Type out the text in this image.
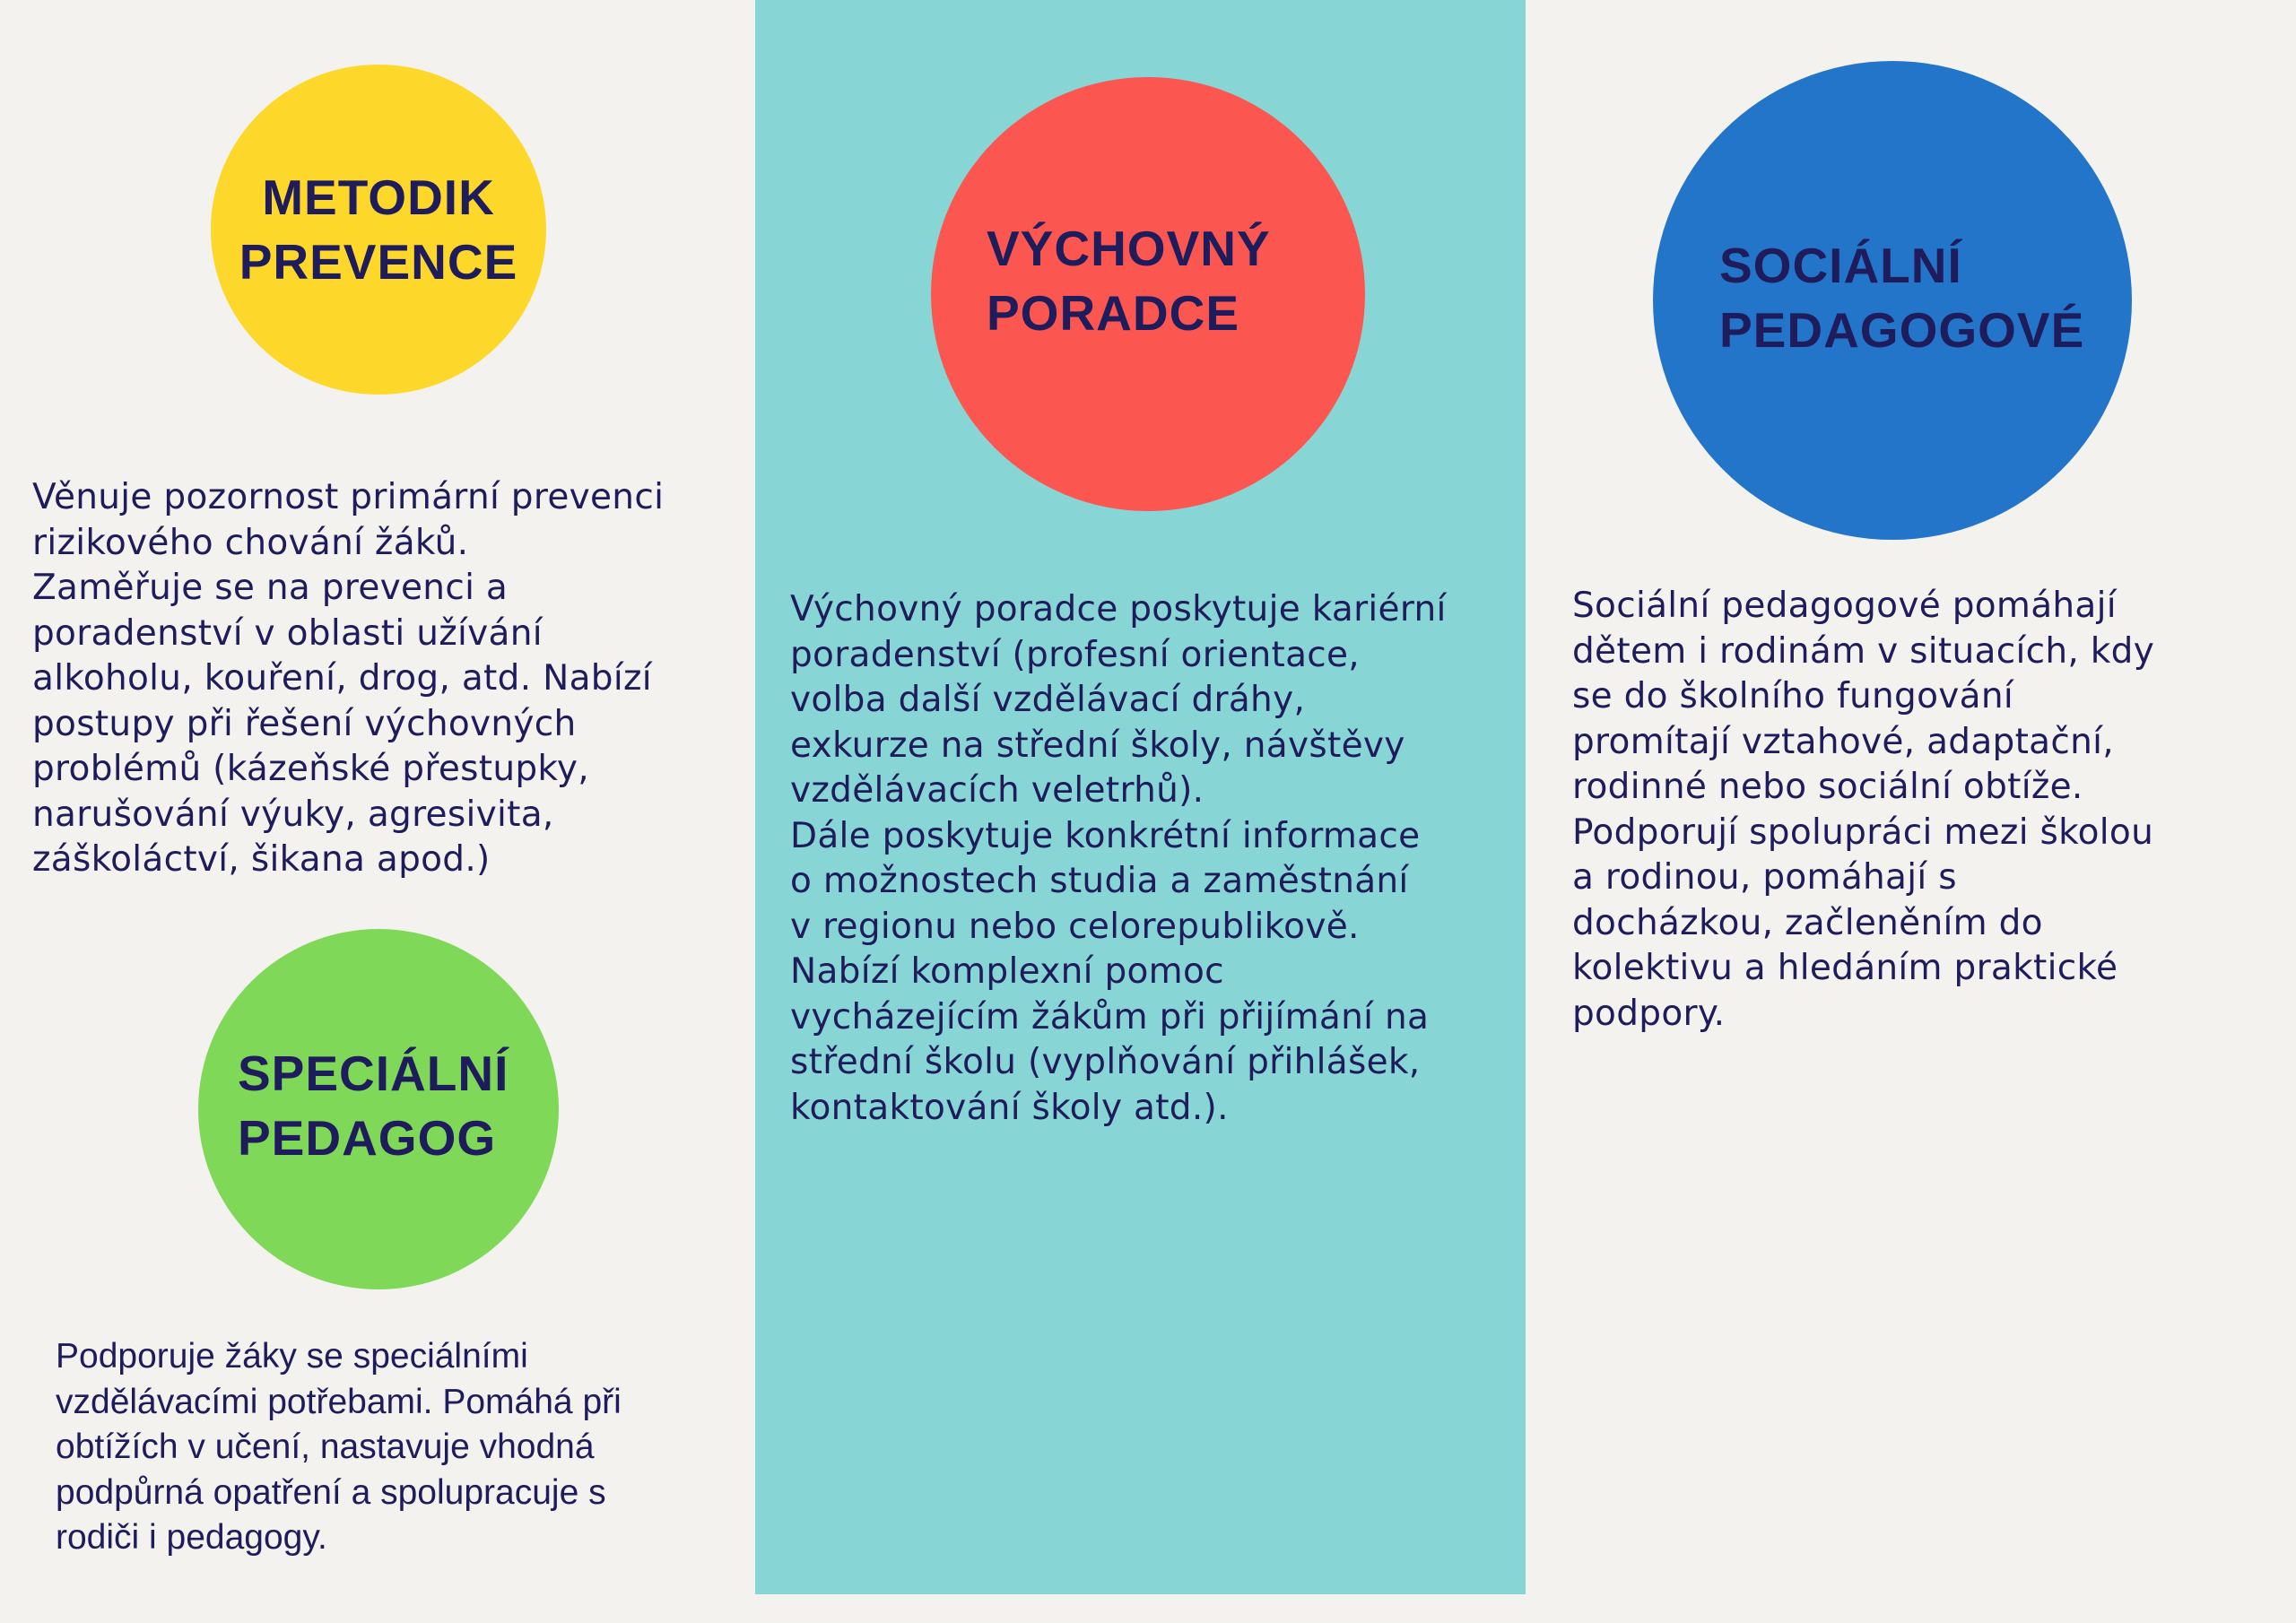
METODIK
PREVENCE
Věnuje pozornost primární prevenci
rizikového chování žáků.
Zaměřuje se na prevenci a
poradenství v oblasti užívání
alkoholu, kouření, drog, atd. Nabízí
postupy při řešení výchovných
problémů (kázeňské přestupky,
narušování výuky, agresivita,
záškoláctví, šikana apod.)
VÝCHOVNÝ
PORADCE
Výchovný poradce poskytuje kariérní
poradenství (profesní orientace,
volba další vzdělávací dráhy,
exkurze na střední školy, návštěvy
vzdělávacích veletrhů).
Dále poskytuje konkrétní informace
o možnostech studia a zaměstnání
v regionu nebo celorepublikově.
Nabízí komplexní pomoc
vycházejícím žákům při přijímání na
střední školu (vyplňování přihlášek,
kontaktování školy atd.).
SOCIÁLNÍ
PEDAGOGOVÉ
Sociální pedagogové pomáhají
dětem i rodinám v situacích, kdy
se do školního fungování
promítají vztahové, adaptační,
rodinné nebo sociální obtíže.
Podporují spolupráci mezi školou
a rodinou, pomáhají s
docházkou, začleněním do
kolektivu a hledáním praktické
podpory.
SPECIÁLNÍ
PEDAGOG
Podporuje žáky se speciálními
vzdělávacími potřebami. Pomáhá při
obtížích v učení, nastavuje vhodná
podpůrná opatření a spolupracuje s
rodiči i pedagogy.
